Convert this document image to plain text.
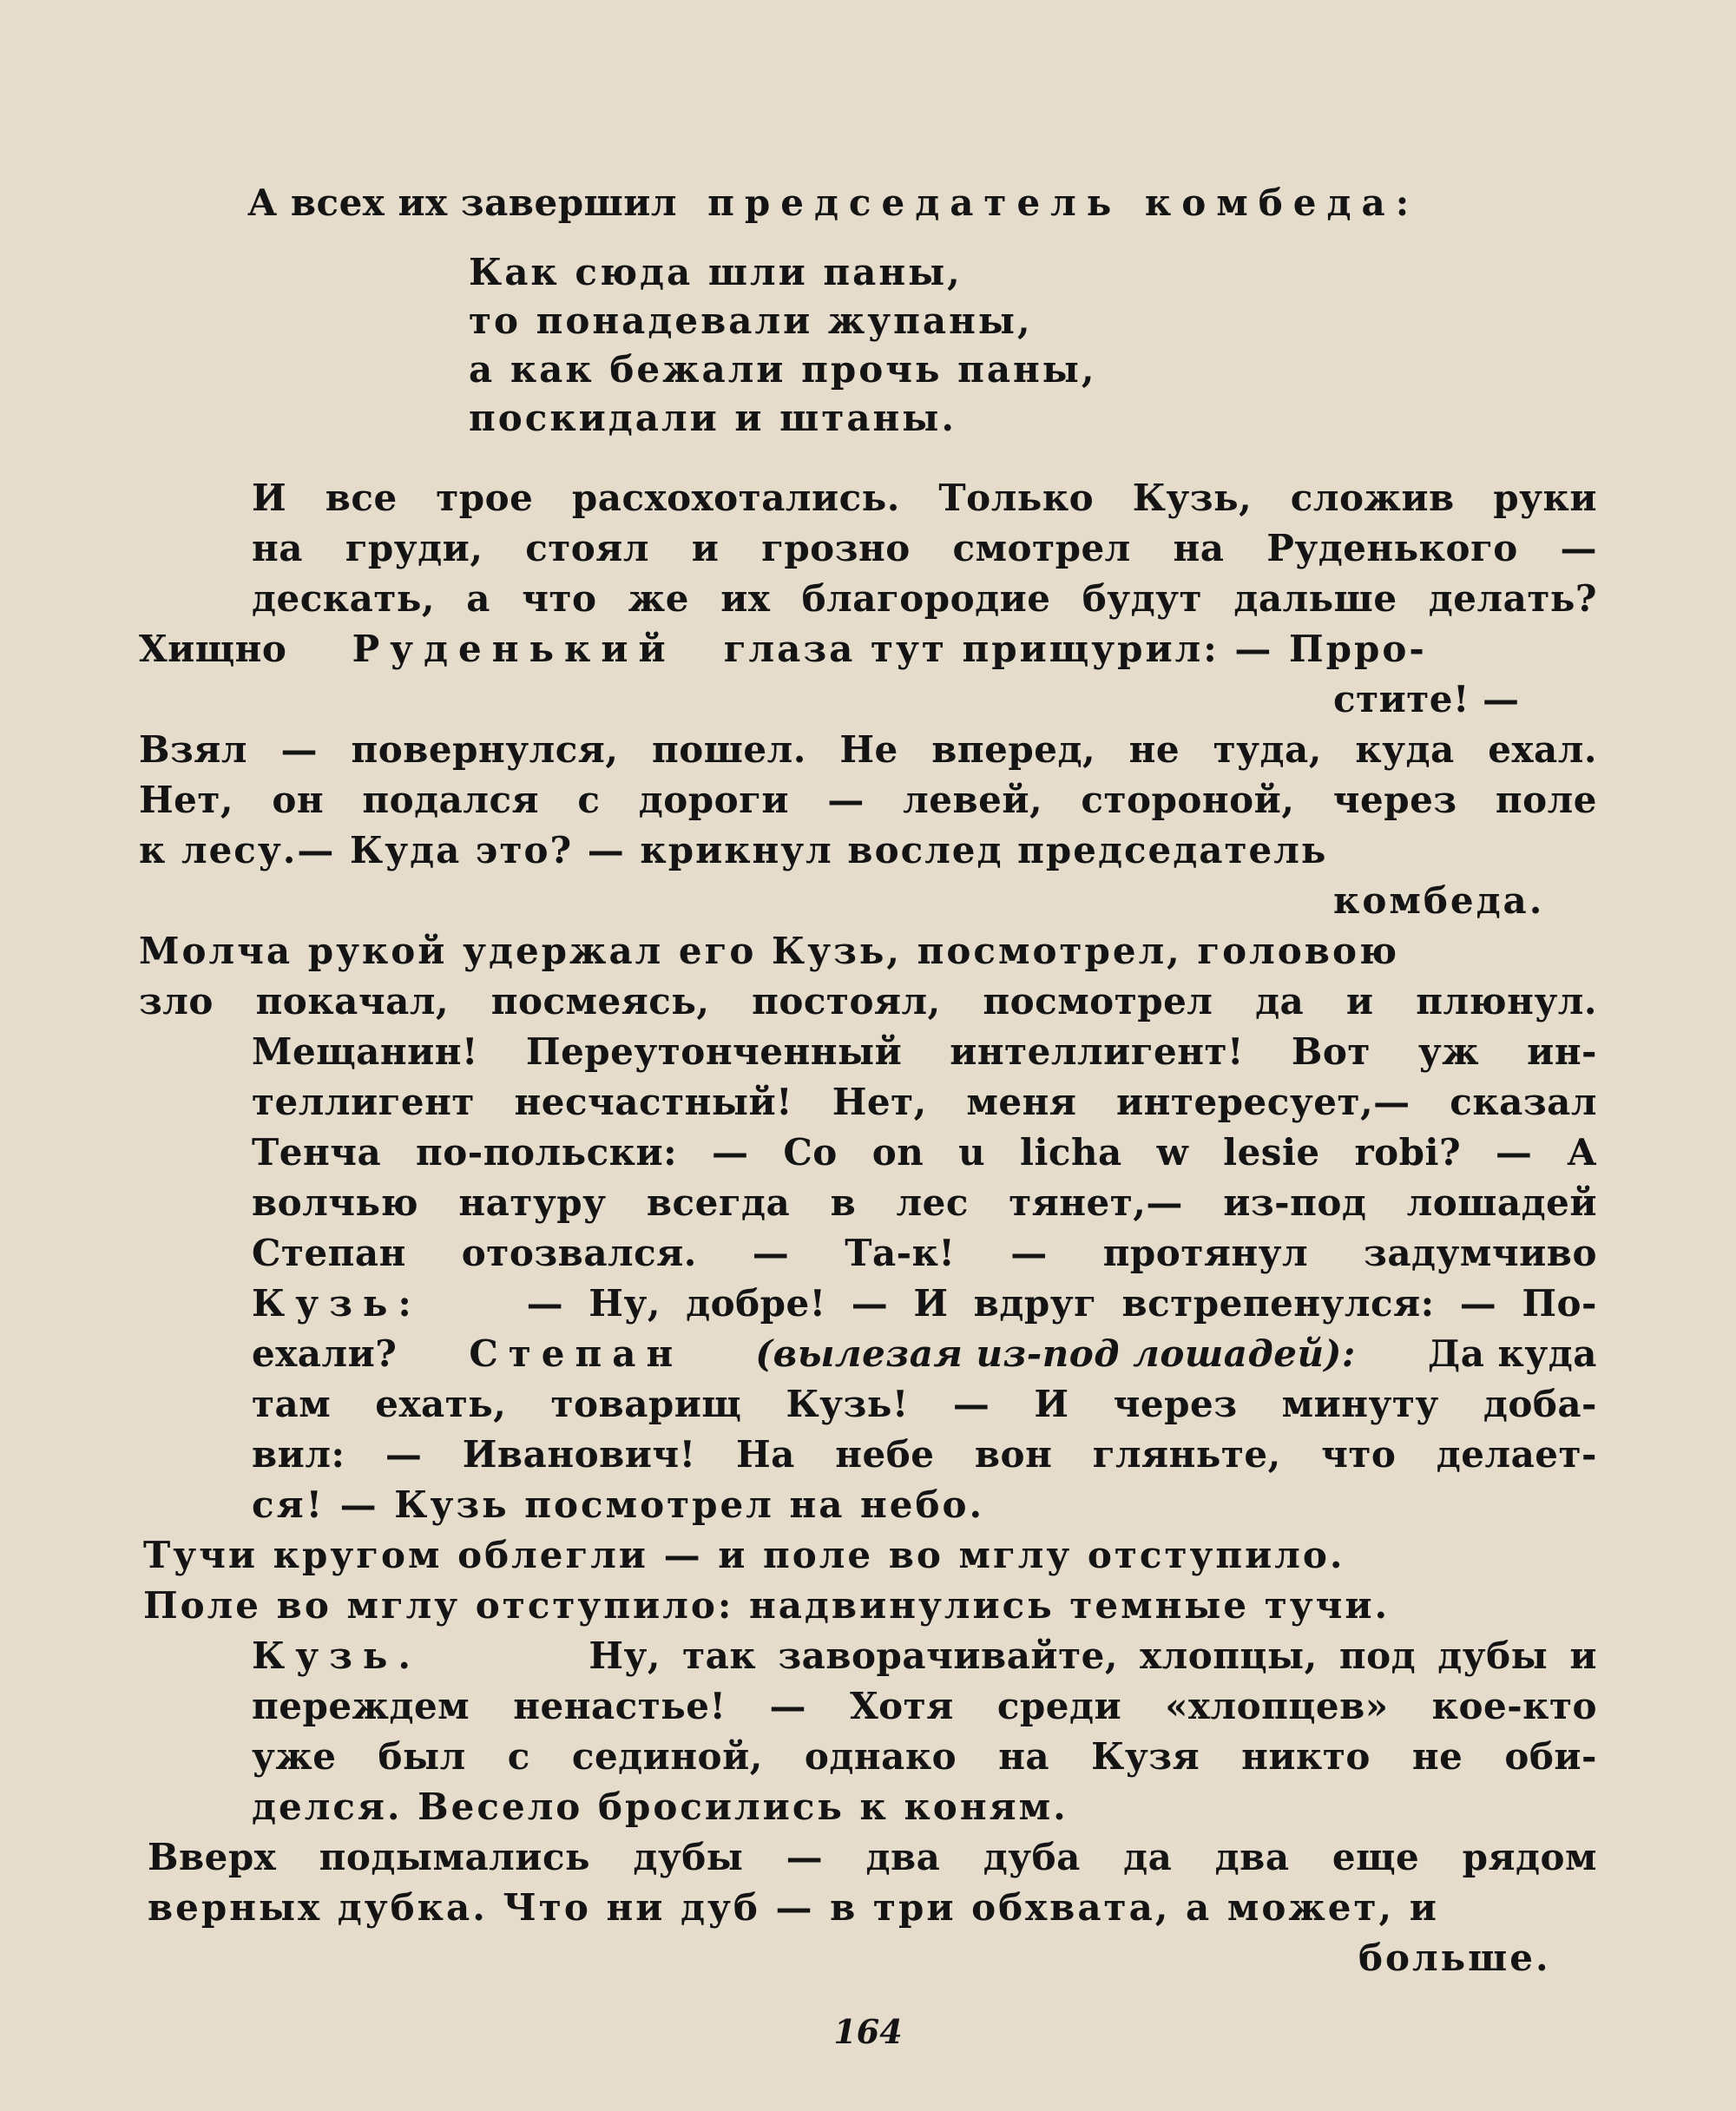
А всех их завершил председатель комбеда:
Как сюда шли паны,
то понадевали жупаны,
а как бежали прочь паны,
поскидали и штаны.
И все трое расхохотались. Только Кузь, сложив руки
на груди, стоял и грозно смотрел на Руденького —
дескать, а что же их благородие будут дальше делать?
Хищно Руденький глаза тут прищурил: — Прро-
стите! —
Взял — повернулся, пошел. Не вперед, не туда, куда ехал.
Нет, он подался с дороги — левей, стороной, через поле
к лесу.— Куда это? — крикнул вослед председатель
комбеда.
Молча рукой удержал его Кузь, посмотрел, головою
зло покачал, посмеясь, постоял, посмотрел да и плюнул.
Мещанин! Переутонченный интеллигент! Вот уж ин-
теллигент несчастный! Нет, меня интересует,— сказал
Тенча по-польски: — Co on u licha w lesie robi? — А
волчью натуру всегда в лес тянет,— из-под лошадей
Степан отозвался. — Та-к! — протянул задумчиво
Кузь:	— Ну, добре! — И вдруг встрепенулся: — По-
ехали? Степан (вылезая из-под лошадей): Да куда
там ехать, товарищ Кузь! — И через минуту доба-
вил: — Иванович! На небе вон гляньте, что делает-
ся! — Кузь посмотрел на небо.
Тучи кругом облегли — и поле во мглу отступило.
Поле во мглу отступило: надвинулись темные тучи.
Кузь.	Ну, так заворачивайте, хлопцы, под дубы и
переждем ненастье! — Хотя среди «хлопцев» кое-кто
уже был с сединой, однако на Кузя никто не оби-
делся. Весело бросились к коням.
Вверх подымались дубы — два дуба да два еще рядом
верных дубка. Что ни дуб — в три обхвата, а может, и
больше.
164
